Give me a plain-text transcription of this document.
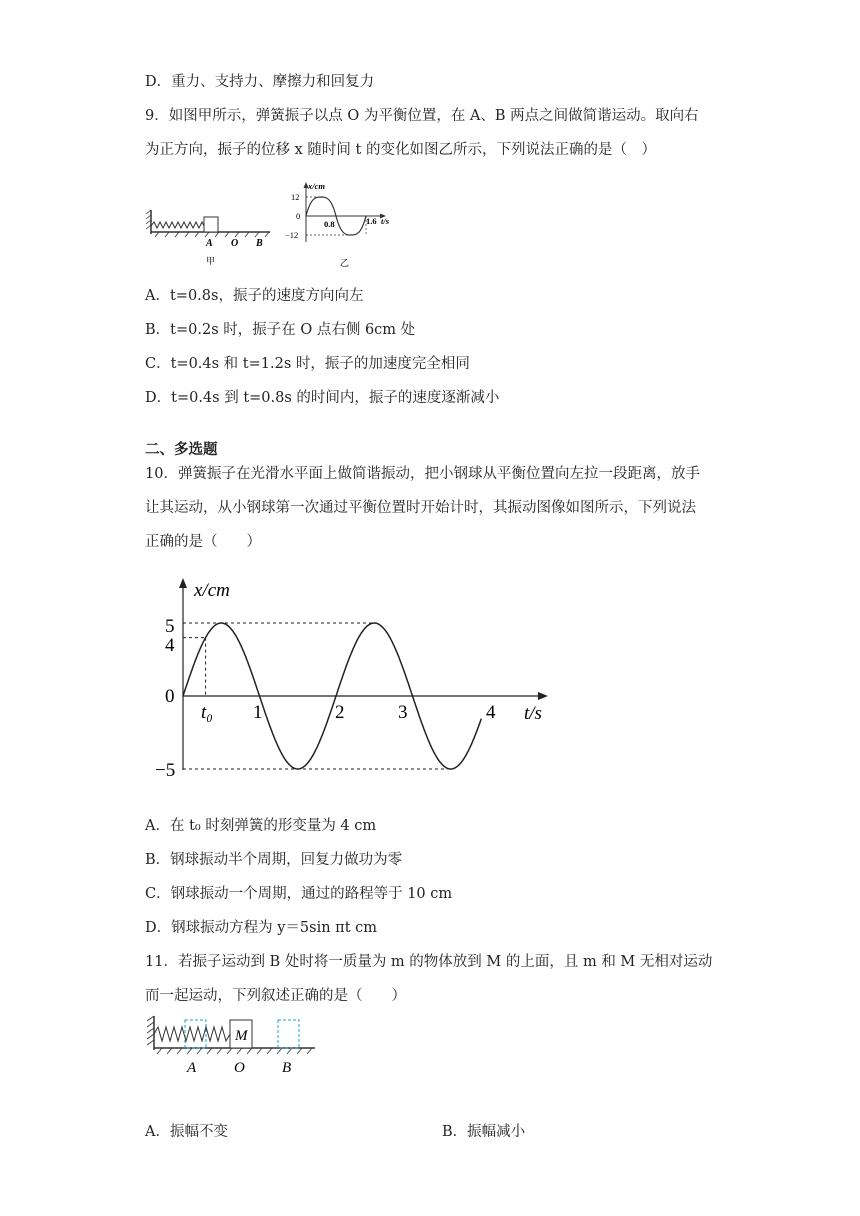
D．重力、支持力、摩擦力和回复力
9．如图甲所示，弹簧振子以点 O 为平衡位置，在 A、B 两点之间做简谐运动。取向右
为正方向，振子的位移 x 随时间 t 的变化如图乙所示，下列说法正确的是（　）
A O B
甲
x/cm
12
0
−12
0.8	1.6 t/s
乙
A．t=0.8s，振子的速度方向向左
B．t=0.2s 时，振子在 O 点右侧 6cm 处
C．t=0.4s 和 t=1.2s 时，振子的加速度完全相同
D．t=0.4s 到 t=0.8s 的时间内，振子的速度逐渐减小
二、多选题
10．弹簧振子在光滑水平面上做简谐振动，把小钢球从平衡位置向左拉一段距离，放手
让其运动，从小钢球第一次通过平衡位置时开始计时，其振动图像如图所示，下列说法
正确的是（　　）
x/cm
t/s
5
4
0
−5
t₀ 1	2	3	4
A．在 t₀ 时刻弹簧的形变量为 4 cm
B．钢球振动半个周期，回复力做功为零
C．钢球振动一个周期，通过的路程等于 10 cm
D．钢球振动方程为 y＝5sin πt cm
11．若振子运动到 B 处时将一质量为 m 的物体放到 M 的上面，且 m 和 M 无相对运动
而一起运动，下列叙述正确的是（　　）
M
A	O B
A．振幅不变	B．振幅减小
